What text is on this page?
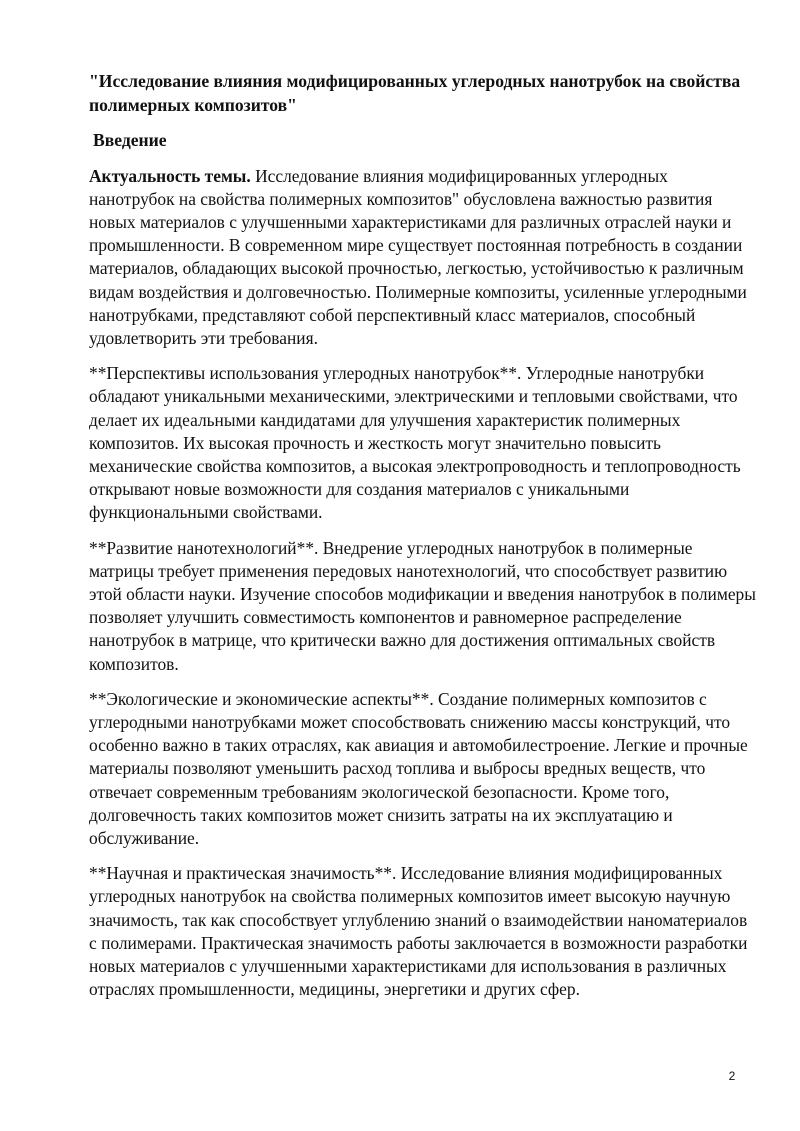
"Исследование влияния модифицированных углеродных нанотрубок на свойства полимерных композитов"

Введение

Актуальность темы. Исследование влияния модифицированных углеродных нанотрубок на свойства полимерных композитов" обусловлена важностью развития новых материалов с улучшенными характеристиками для различных отраслей науки и промышленности. В современном мире существует постоянная потребность в создании материалов, обладающих высокой прочностью, легкостью, устойчивостью к различным видам воздействия и долговечностью. Полимерные композиты, усиленные углеродными нанотрубками, представляют собой перспективный класс материалов, способный удовлетворить эти требования.

**Перспективы использования углеродных нанотрубок**. Углеродные нанотрубки обладают уникальными механическими, электрическими и тепловыми свойствами, что делает их идеальными кандидатами для улучшения характеристик полимерных композитов. Их высокая прочность и жесткость могут значительно повысить механические свойства композитов, а высокая электропроводность и теплопроводность открывают новые возможности для создания материалов с уникальными функциональными свойствами.

**Развитие нанотехнологий**. Внедрение углеродных нанотрубок в полимерные матрицы требует применения передовых нанотехнологий, что способствует развитию этой области науки. Изучение способов модификации и введения нанотрубок в полимеры позволяет улучшить совместимость компонентов и равномерное распределение нанотрубок в матрице, что критически важно для достижения оптимальных свойств композитов.

**Экологические и экономические аспекты**. Создание полимерных композитов с углеродными нанотрубками может способствовать снижению массы конструкций, что особенно важно в таких отраслях, как авиация и автомобилестроение. Легкие и прочные материалы позволяют уменьшить расход топлива и выбросы вредных веществ, что отвечает современным требованиям экологической безопасности. Кроме того, долговечность таких композитов может снизить затраты на их эксплуатацию и обслуживание.

**Научная и практическая значимость**. Исследование влияния модифицированных углеродных нанотрубок на свойства полимерных композитов имеет высокую научную значимость, так как способствует углублению знаний о взаимодействии наноматериалов с полимерами. Практическая значимость работы заключается в возможности разработки новых материалов с улучшенными характеристиками для использования в различных отраслях промышленности, медицины, энергетики и других сфер.

2
